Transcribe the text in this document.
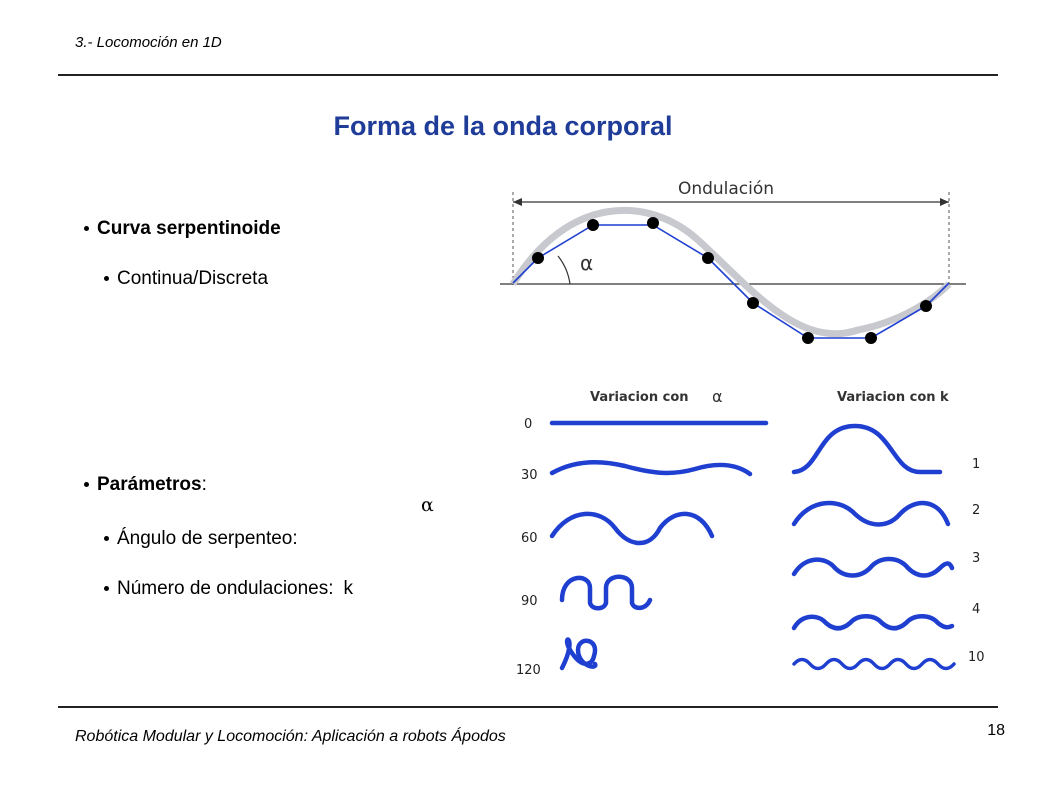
3.- Locomoción en 1D
Forma de la onda corporal
Curva serpentinoide
Continua/Discreta
Parámetros :
α
Ángulo de serpenteo:
Número de ondulaciones: k
Ondulación
α
Variacion con α	Variacion con k
0
30
60
90
120
1
2
3
4
10
Robótica Modular y Locomoción: Aplicación a robots Ápodos	18
